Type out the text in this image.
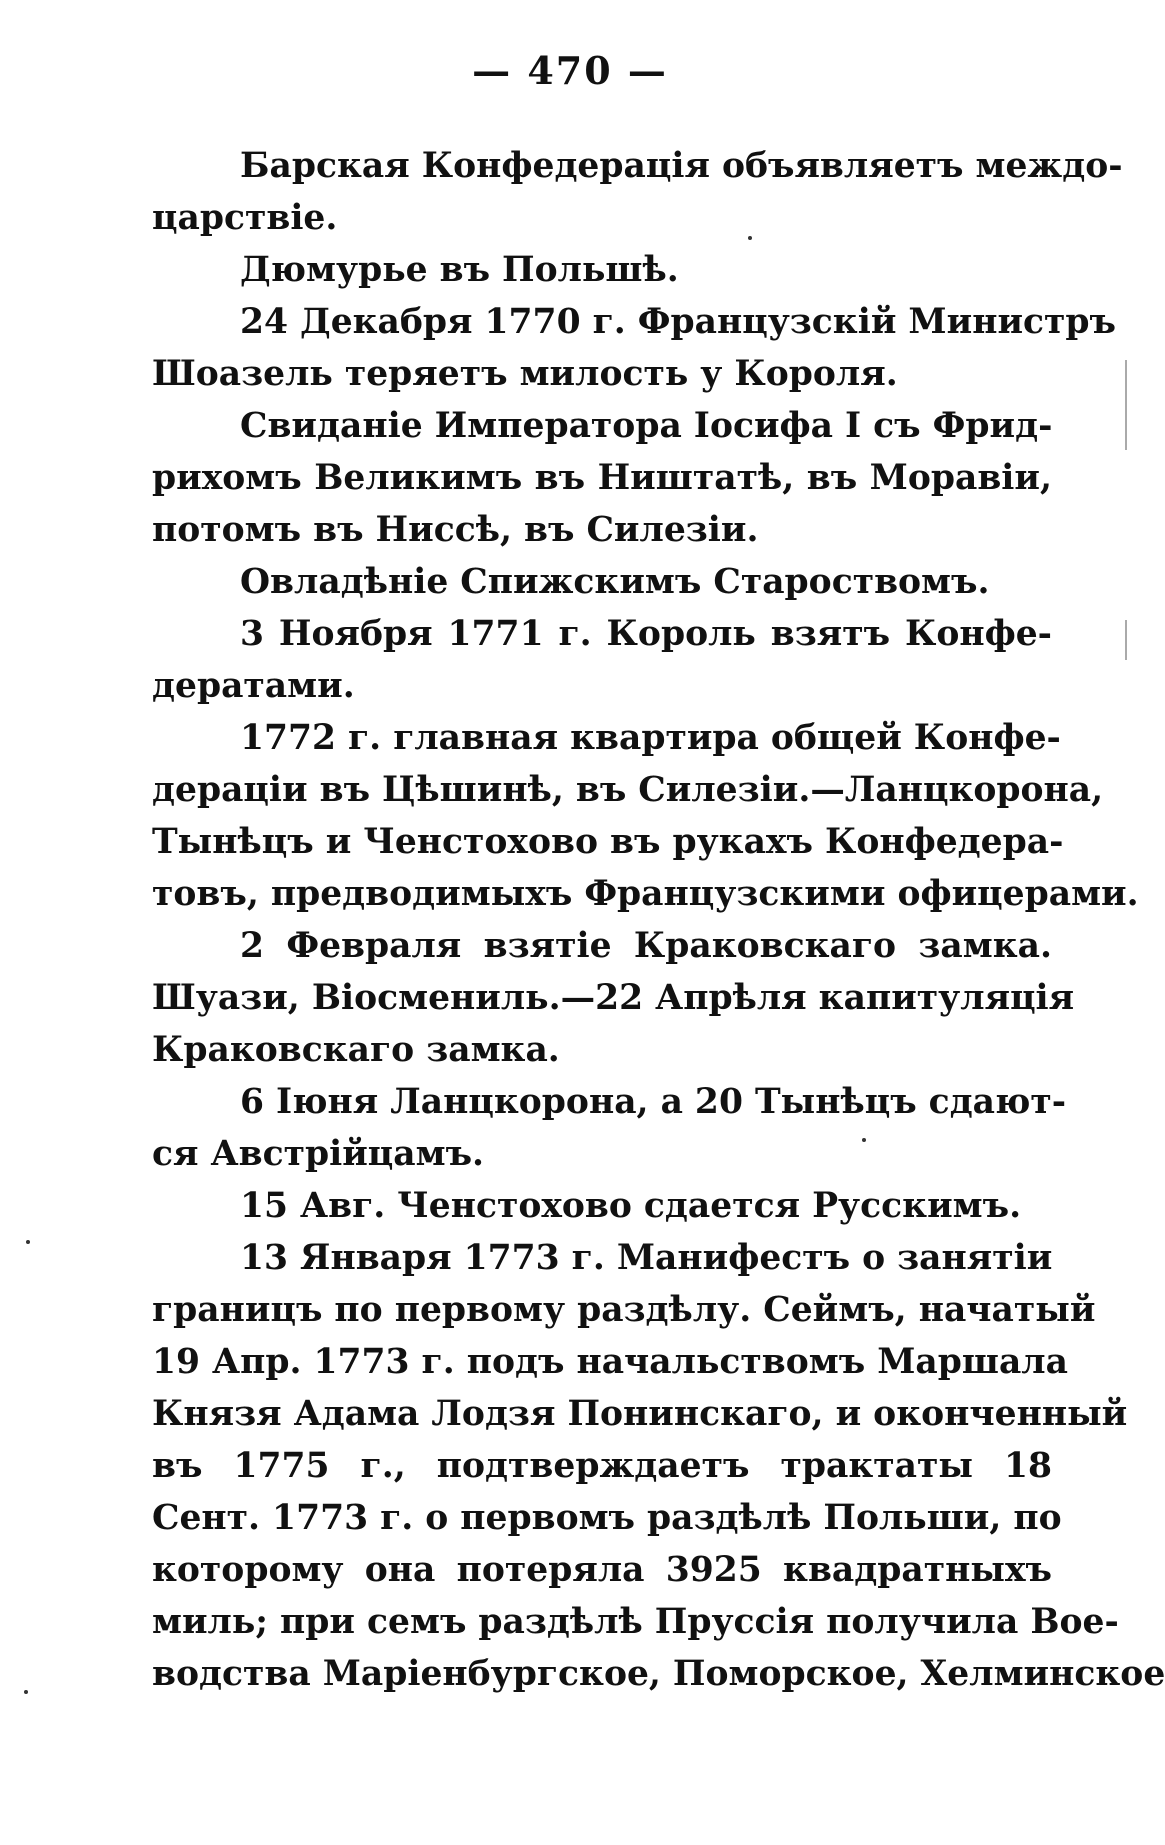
— 470 —
Барская Конфедерація объявляетъ междо-
царствіе.
Дюмурье въ Польшѣ.
24 Декабря 1770 г. Французскій Министръ
Шоазель теряетъ милость у Короля.
Свиданіе Императора Іосифа I съ Фрид-
рихомъ Великимъ въ Ништатѣ, въ Моравіи,
потомъ въ Ниссѣ, въ Силезіи.
Овладѣніе Спижскимъ Староствомъ.
3 Ноября 1771 г. Король взятъ Конфе-
дератами.
1772 г. главная квартира общей Конфе-
дераціи въ Цѣшинѣ, въ Силезіи.—Ланцкорона,
Тынѣцъ и Ченстохово въ рукахъ Конфедера-
товъ, предводимыхъ Французскими офицерами.
2 Февраля взятіе Краковскаго замка.
Шуази, Віосмениль.—22 Апрѣля капитуляція
Краковскаго замка.
6 Іюня Ланцкорона, а 20 Тынѣцъ сдают-
ся Австрійцамъ.
15 Авг. Ченстохово сдается Русскимъ.
13 Января 1773 г. Манифестъ о занятіи
границъ по первому раздѣлу. Сеймъ, начатый
19 Апр. 1773 г. подъ начальствомъ Маршала
Князя Адама Лодзя Понинскаго, и оконченный
въ 1775 г., подтверждаетъ трактаты 18
Сент. 1773 г. о первомъ раздѣлѣ Польши, по
которому она потеряла 3925 квадратныхъ
миль; при семъ раздѣлѣ Пруссія получила Вое-
водства Маріенбургское, Поморское, Хелминское
